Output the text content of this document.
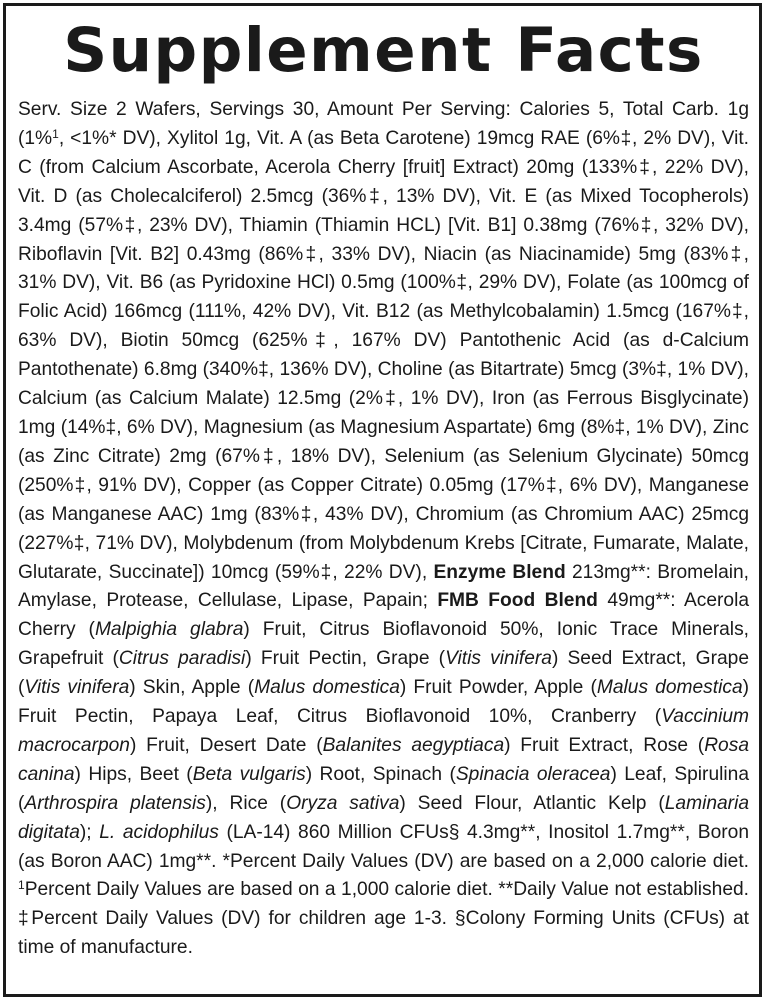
Supplement Facts

Serv. Size 2 Wafers, Servings 30, Amount Per Serving: Calories 5, Total Carb. 1g (1%$^1$, <1%* DV), Xylitol 1g, Vit. A (as Beta Carotene) 19mcg RAE (6%‡, 2% DV), Vit. C (from Calcium Ascorbate, Acerola Cherry [fruit] Extract) 20mg (133%‡, 22% DV), Vit. D (as Cholecalciferol) 2.5mcg (36%‡, 13% DV), Vit. E (as Mixed Tocopherols) 3.4mg (57%‡, 23% DV), Thiamin (Thiamin HCL) [Vit. B1] 0.38mg (76%‡, 32% DV), Riboflavin [Vit. B2] 0.43mg (86%‡, 33% DV), Niacin (as Niacinamide) 5mg (83%‡, 31% DV), Vit. B6 (as Pyridoxine HCl) 0.5mg (100%‡, 29% DV), Folate (as 100mcg of Folic Acid) 166mcg (111%, 42% DV), Vit. B12 (as Methylcobalamin) 1.5mcg (167%‡, 63% DV), Biotin 50mcg (625%‡, 167% DV) Pantothenic Acid (as d-Calcium Pantothenate) 6.8mg (340%‡, 136% DV), Choline (as Bitartrate) 5mcg (3%‡, 1% DV), Calcium (as Calcium Malate) 12.5mg (2%‡, 1% DV), Iron (as Ferrous Bisglycinate) 1mg (14%‡, 6% DV), Magnesium (as Magnesium Aspartate) 6mg (8%‡, 1% DV), Zinc (as Zinc Citrate) 2mg (67%‡, 18% DV), Selenium (as Selenium Glycinate) 50mcg (250%‡, 91% DV), Copper (as Copper Citrate) 0.05mg (17%‡, 6% DV), Manganese (as Manganese AAC) 1mg (83%‡, 43% DV), Chromium (as Chromium AAC) 25mcg (227%‡, 71% DV), Molybdenum (from Molybdenum Krebs [Citrate, Fumarate, Malate, Glutarate, Succinate]) 10mcg (59%‡, 22% DV), Enzyme Blend 213mg**: Bromelain, Amylase, Protease, Cellulase, Lipase, Papain; FMB Food Blend 49mg**: Acerola Cherry (Malpighia glabra) Fruit, Citrus Bioflavonoid 50%, Ionic Trace Minerals, Grapefruit (Citrus paradisi) Fruit Pectin, Grape (Vitis vinifera) Seed Extract, Grape (Vitis vinifera) Skin, Apple (Malus domestica) Fruit Powder, Apple (Malus domestica) Fruit Pectin, Papaya Leaf, Citrus Bioflavonoid 10%, Cranberry (Vaccinium macrocarpon) Fruit, Desert Date (Balanites aegyptiaca) Fruit Extract, Rose (Rosa canina) Hips, Beet (Beta vulgaris) Root, Spinach (Spinacia oleracea) Leaf, Spirulina (Arthrospira platensis), Rice (Oryza sativa) Seed Flour, Atlantic Kelp (Laminaria digitata); L. acidophilus (LA-14) 860 Million CFUs§ 4.3mg**, Inositol 1.7mg**, Boron (as Boron AAC) 1mg**. *Percent Daily Values (DV) are based on a 2,000 calorie diet. $^1$Percent Daily Values are based on a 1,000 calorie diet. **Daily Value not established. ‡Percent Daily Values (DV) for children age 1-3. §Colony Forming Units (CFUs) at time of manufacture.
